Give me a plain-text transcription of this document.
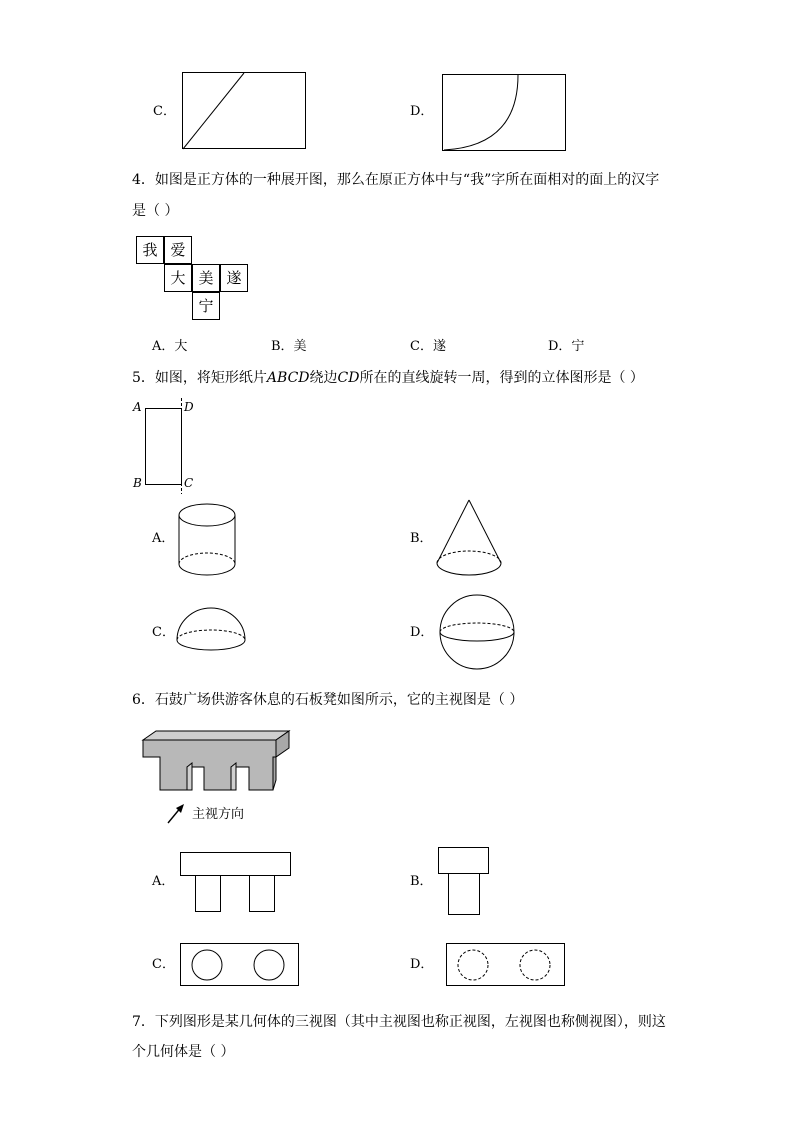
C．	D．
4．如图是正方体的一种展开图，那么在原正方体中与“我”字所在面相对的面上的汉字
是（ ）
我 爱
大 美 遂
宁
A．大	B．美	C．遂	D．宁
5．如图，将矩形纸片ABCD绕边CD所在的直线旋转一周，得到的立体图形是（ ）
A	D
B	C
A．	B．
C．	D．
6．石鼓广场供游客休息的石板凳如图所示，它的主视图是（ ）
主视方向
A．	B．
C．	D．
7．下列图形是某几何体的三视图（其中主视图也称正视图，左视图也称侧视图），则这
个几何体是（ ）
